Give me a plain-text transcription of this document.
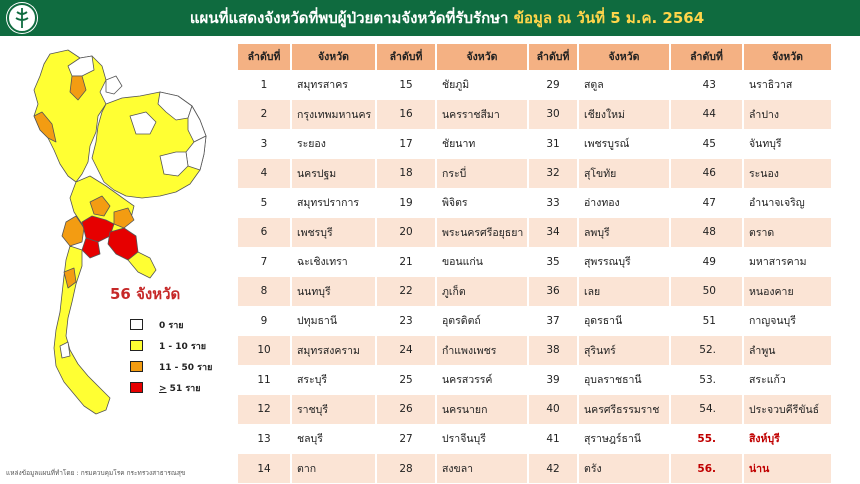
แผนที่แสดงจังหวัดที่พบผู้ป่วยตามจังหวัดที่รับรักษา ข้อมูล ณ วันที่ 5 ม.ค. 2564
56 จังหวัด
0 ราย
1 - 10 ราย
11 - 50 ราย
> 51 ราย
แหล่งข้อมูลแผนที่ทำโดย : กรมควบคุมโรค กระทรวงสาธารณสุข
ลำดับที่	จังหวัด	ลำดับที่	จังหวัด	ลำดับที่	จังหวัด	ลำดับที่	จังหวัด
1	สมุทรสาคร	15	ชัยภูมิ	29	สตูล	43	นราธิวาส
2	กรุงเทพมหานคร	16	นครราชสีมา	30	เชียงใหม่	44	ลำปาง
3	ระยอง	17	ชัยนาท	31	เพชรบูรณ์	45	จันทบุรี
4	นครปฐม	18	กระบี่	32	สุโขทัย	46	ระนอง
5	สมุทรปราการ	19	พิจิตร	33	อ่างทอง	47	อำนาจเจริญ
6	เพชรบุรี	20	พระนครศรีอยุธยา	34	ลพบุรี	48	ตราด
7	ฉะเชิงเทรา	21	ขอนแก่น	35	สุพรรณบุรี	49	มหาสารคาม
8	นนทบุรี	22	ภูเก็ต	36	เลย	50	หนองคาย
9	ปทุมธานี	23	อุตรดิตถ์	37	อุดรธานี	51	กาญจนบุรี
10	สมุทรสงคราม	24	กำแพงเพชร	38	สุรินทร์	52.	ลำพูน
11	สระบุรี	25	นครสวรรค์	39	อุบลราชธานี	53.	สระแก้ว
12	ราชบุรี	26	นครนายก	40	นครศรีธรรมราช	54.	ประจวบคีรีขันธ์
13	ชลบุรี	27	ปราจีนบุรี	41	สุราษฎร์ธานี	55.	สิงห์บุรี
14	ตาก	28	สงขลา	42	ตรัง	56.	น่าน
